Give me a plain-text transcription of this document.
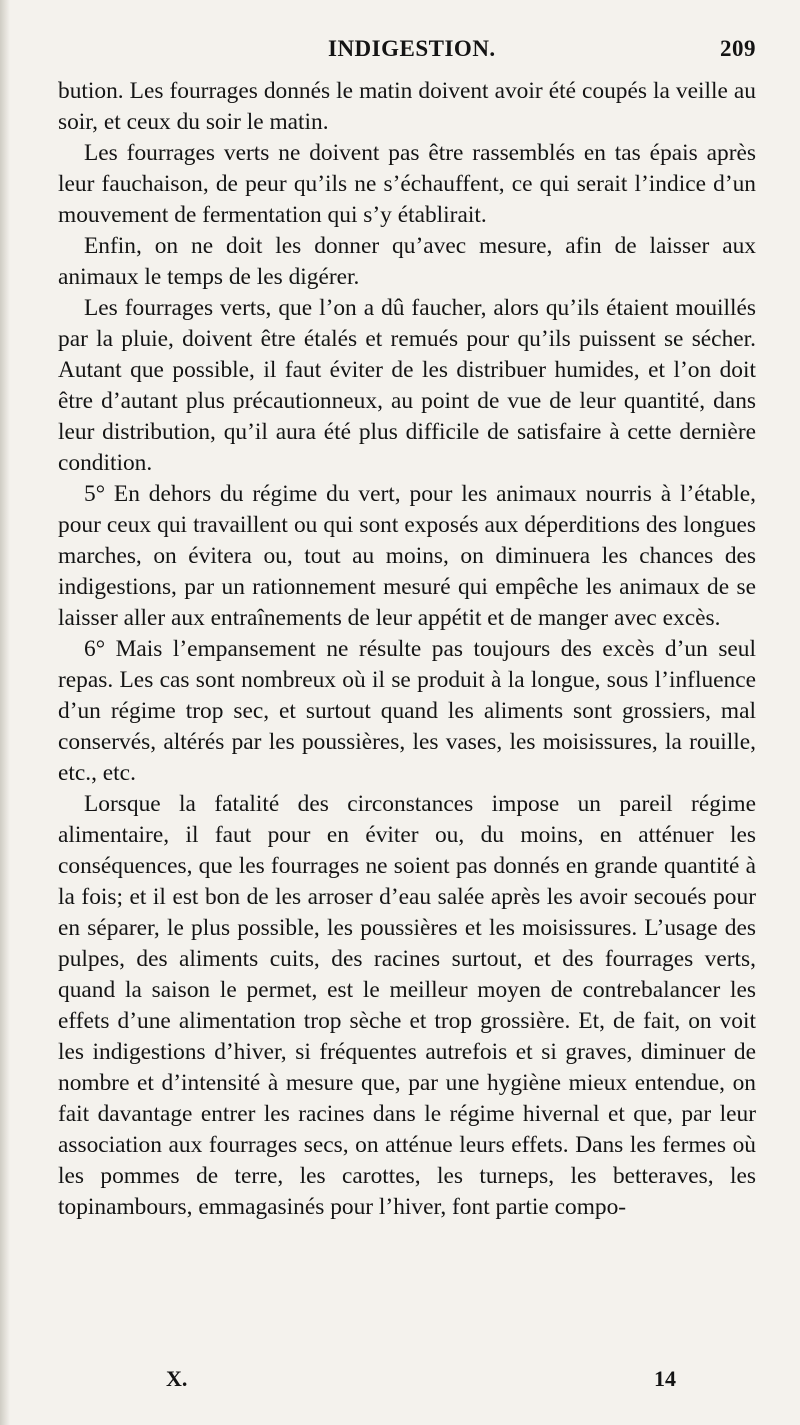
INDIGESTION.	209

bution. Les fourrages donnés le matin doivent avoir été coupés la veille au soir, et ceux du soir le matin.

Les fourrages verts ne doivent pas être rassemblés en tas épais après leur fauchaison, de peur qu’ils ne s’échauffent, ce qui serait l’indice d’un mouvement de fermentation qui s’y établirait.

Enfin, on ne doit les donner qu’avec mesure, afin de laisser aux animaux le temps de les digérer.

Les fourrages verts, que l’on a dû faucher, alors qu’ils étaient mouillés par la pluie, doivent être étalés et remués pour qu’ils puissent se sécher. Autant que possible, il faut éviter de les distribuer humides, et l’on doit être d’autant plus précautionneux, au point de vue de leur quantité, dans leur distribution, qu’il aura été plus difficile de satisfaire à cette dernière condition.

5° En dehors du régime du vert, pour les animaux nourris à l’étable, pour ceux qui travaillent ou qui sont exposés aux déperditions des longues marches, on évitera ou, tout au moins, on diminuera les chances des indigestions, par un rationnement mesuré qui empêche les animaux de se laisser aller aux entraînements de leur appétit et de manger avec excès.

6° Mais l’empansement ne résulte pas toujours des excès d’un seul repas. Les cas sont nombreux où il se produit à la longue, sous l’influence d’un régime trop sec, et surtout quand les aliments sont grossiers, mal conservés, altérés par les poussières, les vases, les moisissures, la rouille, etc., etc.

Lorsque la fatalité des circonstances impose un pareil régime alimentaire, il faut pour en éviter ou, du moins, en atténuer les conséquences, que les fourrages ne soient pas donnés en grande quantité à la fois; et il est bon de les arroser d’eau salée après les avoir secoués pour en séparer, le plus possible, les poussières et les moisissures. L’usage des pulpes, des aliments cuits, des racines surtout, et des fourrages verts, quand la saison le permet, est le meilleur moyen de contrebalancer les effets d’une alimentation trop sèche et trop grossière. Et, de fait, on voit les indigestions d’hiver, si fréquentes autrefois et si graves, diminuer de nombre et d’intensité à mesure que, par une hygiène mieux entendue, on fait davantage entrer les racines dans le régime hivernal et que, par leur association aux fourrages secs, on atténue leurs effets. Dans les fermes où les pommes de terre, les carottes, les turneps, les betteraves, les topinambours, emmagasinés pour l’hiver, font partie compo-

X.	14
